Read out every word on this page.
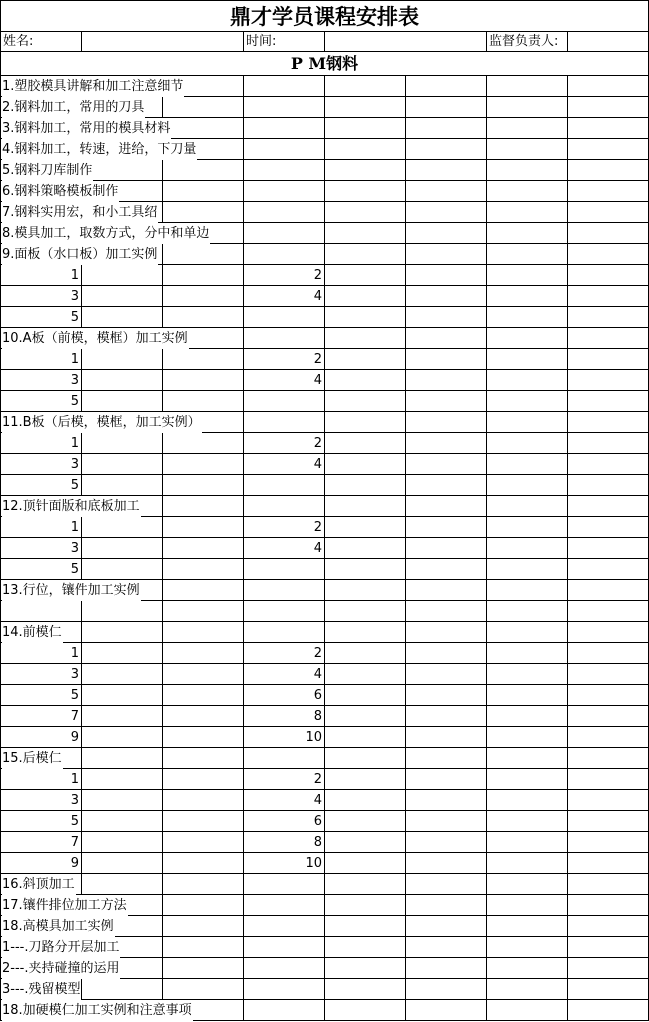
鼎才学员课程安排表
姓名:	时间:	监督负责人:
P M钢料
1.塑胶模具讲解和加工注意细节
2.钢料加工，常用的刀具
3.钢料加工，常用的模具材料
4.钢料加工，转速，进给，下刀量
5.钢料刀库制作
6.钢料策略模板制作
7.钢料实用宏，和小工具绍
8.模具加工，取数方式，分中和单边
9.面板（水口板）加工实例
1	2
3	4
5
10.A板（前模，模框）加工实例
1	2
3	4
5
11.B板（后模，模框，加工实例）
1	2
3	4
5
12.顶针面版和底板加工
1	2
3	4
5
13.行位，镶件加工实例
14.前模仁
1	2
3	4
5	6
7	8
9	10
15.后模仁
1	2
3	4
5	6
7	8
9	10
16.斜顶加工
17.镶件排位加工方法
18.高模具加工实例
1---.刀路分开层加工
2---.夹持碰撞的运用
3---.残留模型
18.加硬模仁加工实例和注意事项
